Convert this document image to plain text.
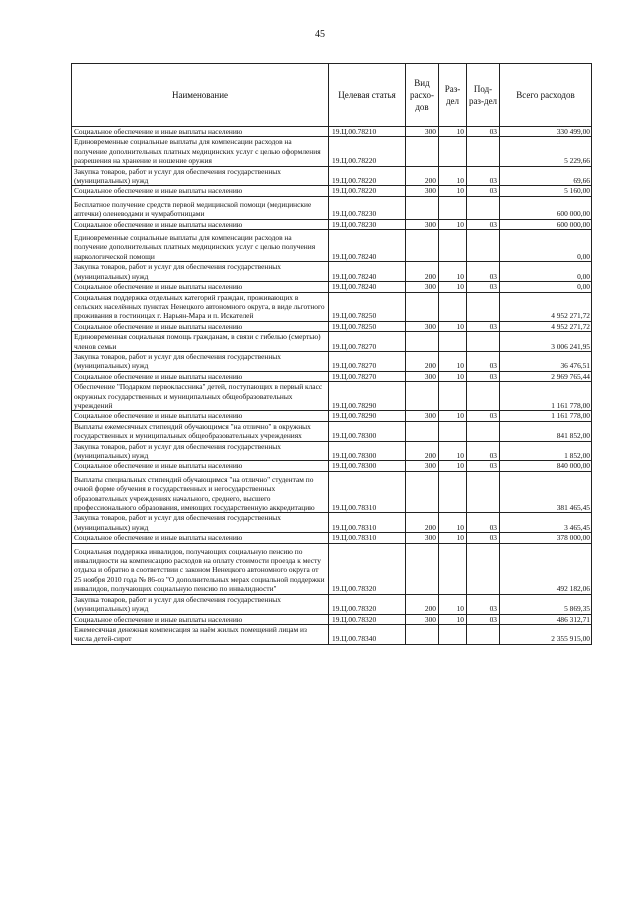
45
Наименование	Целевая статья	Вид расхо-дов	Раз-дел	Под-раз-дел	Всего расходов
Социальное обеспечение и иные выплаты населению	19.Ц.00.78210	300	10	03	330 499,00
Единовременные социальные выплаты для компенсации расходов на получение дополнительных платных медицинских услуг с целью оформления разрешения на хранение и ношение оружия	19.Ц.00.78220				5 229,66
Закупка товаров, работ и услуг для обеспечения государственных (муниципальных) нужд	19.Ц.00.78220	200	10	03	69,66
Социальное обеспечение и иные выплаты населению	19.Ц.00.78220	300	10	03	5 160,00
Бесплатное получение средств первой медицинской помощи (медицинские аптечки) оленеводами и чумработницами	19.Ц.00.78230				600 000,00
Социальное обеспечение и иные выплаты населению	19.Ц.00.78230	300	10	03	600 000,00
Единовременные социальные выплаты для компенсации расходов на получение дополнительных платных медицинских услуг с целью получения наркологической помощи	19.Ц.00.78240				0,00
Закупка товаров, работ и услуг для обеспечения государственных (муниципальных) нужд	19.Ц.00.78240	200	10	03	0,00
Социальное обеспечение и иные выплаты населению	19.Ц.00.78240	300	10	03	0,00
Социальная поддержка отдельных категорий граждан, проживающих в сельских населённых пунктах Ненецкого автономного округа, в виде льготного проживания в гостиницах г. Нарьян-Мара и п. Искателей	19.Ц.00.78250				4 952 271,72
Социальное обеспечение и иные выплаты населению	19.Ц.00.78250	300	10	03	4 952 271,72
Единовременная социальная помощь гражданам, в связи с гибелью (смертью) членов семьи	19.Ц.00.78270				3 006 241,95
Закупка товаров, работ и услуг для обеспечения государственных (муниципальных) нужд	19.Ц.00.78270	200	10	03	36 476,51
Социальное обеспечение и иные выплаты населению	19.Ц.00.78270	300	10	03	2 969 765,44
Обеспечение "Подарком первоклассника" детей, поступающих в первый класс окружных государственных и муниципальных общеобразовательных учреждений	19.Ц.00.78290				1 161 778,00
Социальное обеспечение и иные выплаты населению	19.Ц.00.78290	300	10	03	1 161 778,00
Выплаты ежемесячных стипендий обучающимся "на отлично" в окружных государственных и муниципальных общеобразовательных учреждениях	19.Ц.00.78300				841 852,00
Закупка товаров, работ и услуг для обеспечения государственных (муниципальных) нужд	19.Ц.00.78300	200	10	03	1 852,00
Социальное обеспечение и иные выплаты населению	19.Ц.00.78300	300	10	03	840 000,00
Выплаты специальных стипендий обучающимся "на отлично" студентам по очной форме обучения в государственных и негосударственных образовательных учреждениях начального, среднего, высшего профессионального образования, имеющих государственную аккредитацию	19.Ц.00.78310				381 465,45
Закупка товаров, работ и услуг для обеспечения государственных (муниципальных) нужд	19.Ц.00.78310	200	10	03	3 465,45
Социальное обеспечение и иные выплаты населению	19.Ц.00.78310	300	10	03	378 000,00
Социальная поддержка инвалидов, получающих социальную пенсию по инвалидности на компенсацию расходов на оплату стоимости проезда к месту отдыха и обратно в соответствии с законом Ненецкого автономного округа от 25 ноября 2010 года № 86-оз "О дополнительных мерах социальной поддержки инвалидов, получающих социальную пенсию по инвалидности"	19.Ц.00.78320				492 182,06
Закупка товаров, работ и услуг для обеспечения государственных (муниципальных) нужд	19.Ц.00.78320	200	10	03	5 869,35
Социальное обеспечение и иные выплаты населению	19.Ц.00.78320	300	10	03	486 312,71
Ежемесячная денежная компенсация за наём жилых помещений лицам из числа детей-сирот	19.Ц.00.78340				2 355 915,00
